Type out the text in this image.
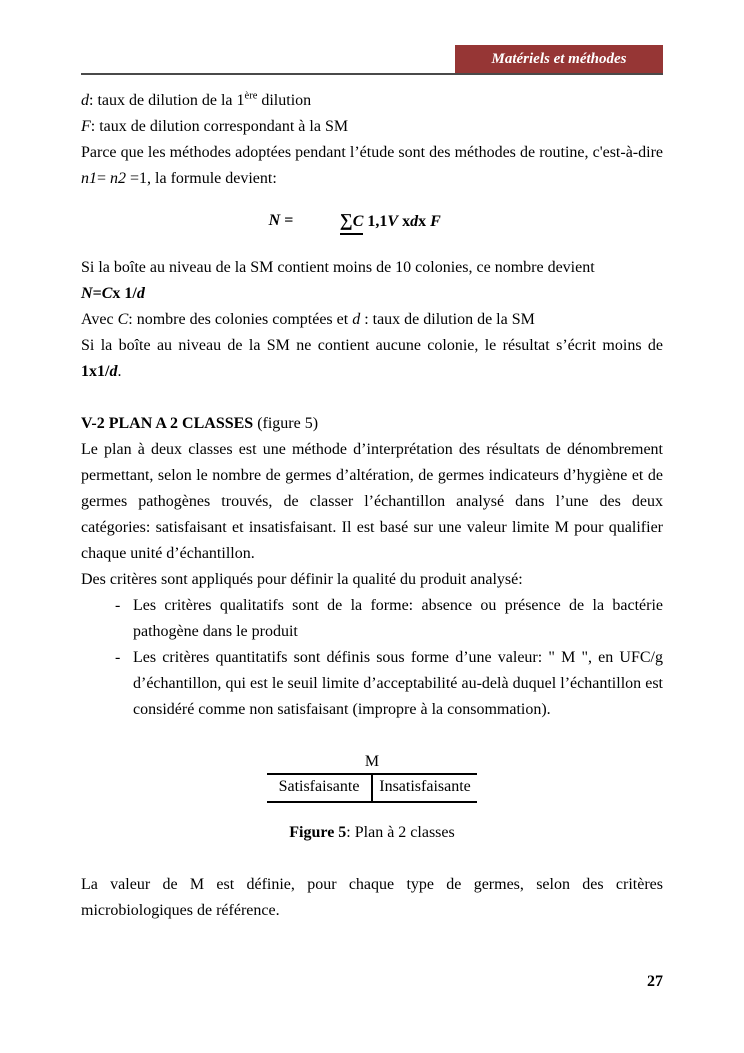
Matériels et méthodes

d: taux de dilution de la 1ère dilution

F: taux de dilution correspondant à la SM

Parce que les méthodes adoptées pendant l’étude sont des méthodes de routine, c'est-à-dire n1= n2 =1, la formule devient:

N =	∑C 1,1V xdx F

Si la boîte au niveau de la SM contient moins de 10 colonies, ce nombre devient

N=Cx 1/d

Avec C: nombre des colonies comptées et d : taux de dilution de la SM

Si la boîte au niveau de la SM ne contient aucune colonie, le résultat s’écrit moins de 1x1/d.

V-2 PLAN A 2 CLASSES (figure 5)

Le plan à deux classes est une méthode d’interprétation des résultats de dénombrement permettant, selon le nombre de germes d’altération, de germes indicateurs d’hygiène et de germes pathogènes trouvés, de classer l’échantillon analysé dans l’une des deux catégories: satisfaisant et insatisfaisant. Il est basé sur une valeur limite M pour qualifier chaque unité d’échantillon.

Des critères sont appliqués pour définir la qualité du produit analysé:

- Les critères qualitatifs sont de la forme: absence ou présence de la bactérie pathogène dans le produit
- Les critères quantitatifs sont définis sous forme d’une valeur: " M ", en UFC/g d’échantillon, qui est le seuil limite d’acceptabilité au-delà duquel l’échantillon est considéré comme non satisfaisant (impropre à la consommation).
M
Satisfaisante	Insatisfaisante

Figure 5: Plan à 2 classes

La valeur de M est définie, pour chaque type de germes, selon des critères microbiologiques de référence.

27
